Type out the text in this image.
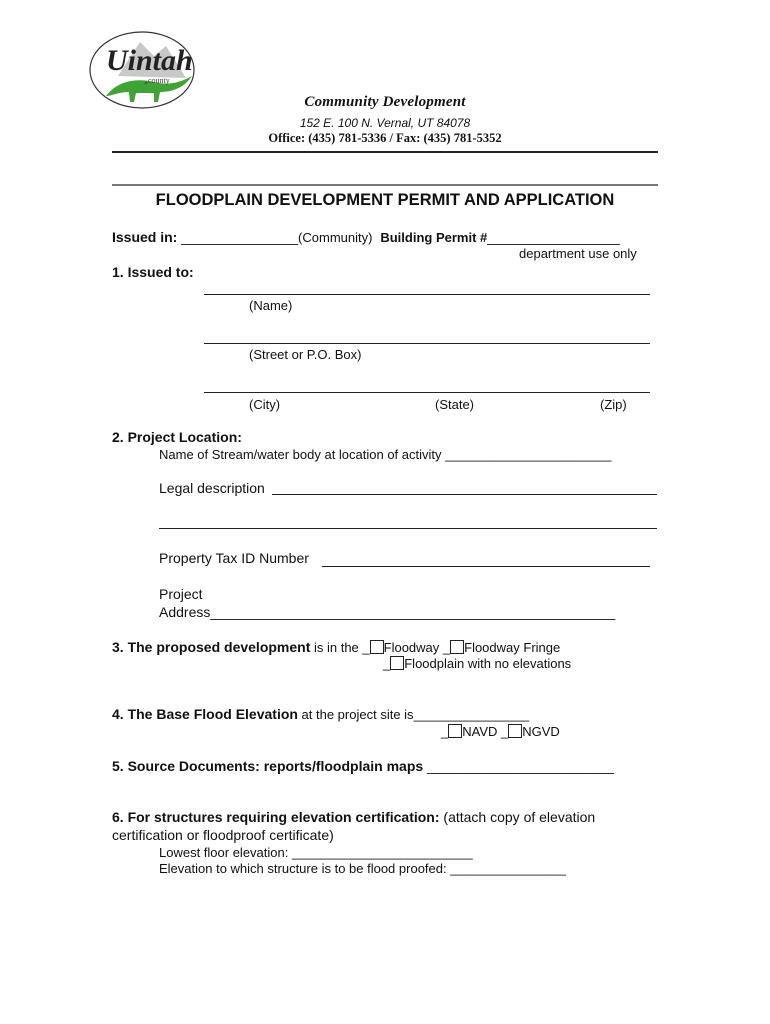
Uintah
county
Community Development
152 E. 100 N. Vernal, UT 84078
Office: (435) 781-5336 / Fax: (435) 781-5352
FLOODPLAIN DEVELOPMENT PERMIT AND APPLICATION
Issued in: _______________(Community) Building Permit #_________________
department use only
1. Issued to:
(Name)
(Street or P.O. Box)
(City)	(State)	(Zip)
2. Project Location:
Name of Stream/water body at location of activity _______________________
Legal description
Property Tax ID Number
Project
Address____________________________________________________
3. The proposed development is in the _ Floodway _ Floodway Fringe
_ Floodplain with no elevations
4. The Base Flood Elevation at the project site is________________
_ NAVD _ NGVD
5. Source Documents: reports/floodplain maps ________________________
6. For structures requiring elevation certification: (attach copy of elevation
certification or floodproof certificate)
Lowest floor elevation: _________________________
Elevation to which structure is to be flood proofed: ________________
